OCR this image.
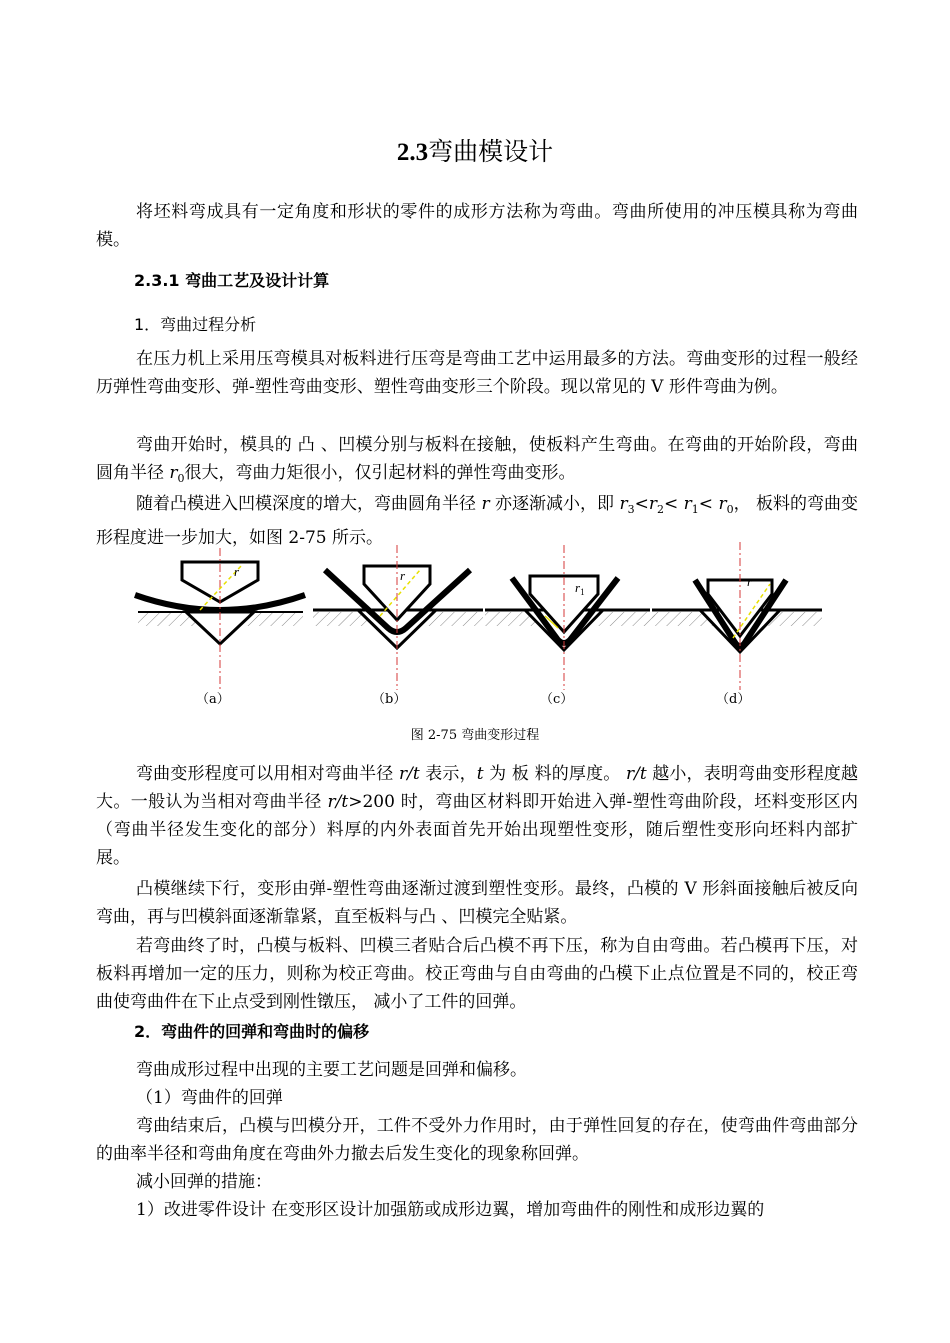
2.3弯曲模设计
将坯料弯成具有一定角度和形状的零件的成形方法称为弯曲。弯曲所使用的冲压模具称为弯曲模。
2.3.1 弯曲工艺及设计计算
1．弯曲过程分析
在压力机上采用压弯模具对板料进行压弯是弯曲工艺中运用最多的方法。弯曲变形的过程一般经历弹性弯曲变形、弹-塑性弯曲变形、塑性弯曲变形三个阶段。现以常见的 V 形件弯曲为例。
弯曲开始时，模具的 凸 、凹模分别与板料在接触，使板料产生弯曲。在弯曲的开始阶段，弯曲圆角半径 $r_0$很大，弯曲力矩很小，仅引起材料的弹性弯曲变形。
随着凸模进入凹模深度的增大，弯曲圆角半径 r 亦逐渐减小，即 $r_3<r_2< r_1< r_0$， 板料的弯曲变形程度进一步加大，如图 2-75 所示。
r	r
$r_1$
r
（a）	（b）	（c）	（d）
图 2-75 弯曲变形过程
弯曲变形程度可以用相对弯曲半径 r/t 表示，t 为 板 料的厚度。 r/t 越小，表明弯曲变形程度越大。一般认为当相对弯曲半径 r/t>200 时，弯曲区材料即开始进入弹-塑性弯曲阶段，坯料变形区内（弯曲半径发生变化的部分）料厚的内外表面首先开始出现塑性变形，随后塑性变形向坯料内部扩展。
凸模继续下行，变形由弹-塑性弯曲逐渐过渡到塑性变形。最终，凸模的 V 形斜面接触后被反向弯曲，再与凹模斜面逐渐靠紧，直至板料与凸 、凹模完全贴紧。
若弯曲终了时，凸模与板料、凹模三者贴合后凸模不再下压，称为自由弯曲。若凸模再下压，对板料再增加一定的压力，则称为校正弯曲。校正弯曲与自由弯曲的凸模下止点位置是不同的，校正弯曲使弯曲件在下止点受到刚性镦压， 减小了工件的回弹。
2．弯曲件的回弹和弯曲时的偏移
弯曲成形过程中出现的主要工艺问题是回弹和偏移。
（1）弯曲件的回弹
弯曲结束后，凸模与凹模分开，工件不受外力作用时，由于弹性回复的存在，使弯曲件弯曲部分的曲率半径和弯曲角度在弯曲外力撤去后发生变化的现象称回弹。
减小回弹的措施：
1）改进零件设计 在变形区设计加强筋或成形边翼，增加弯曲件的刚性和成形边翼的
